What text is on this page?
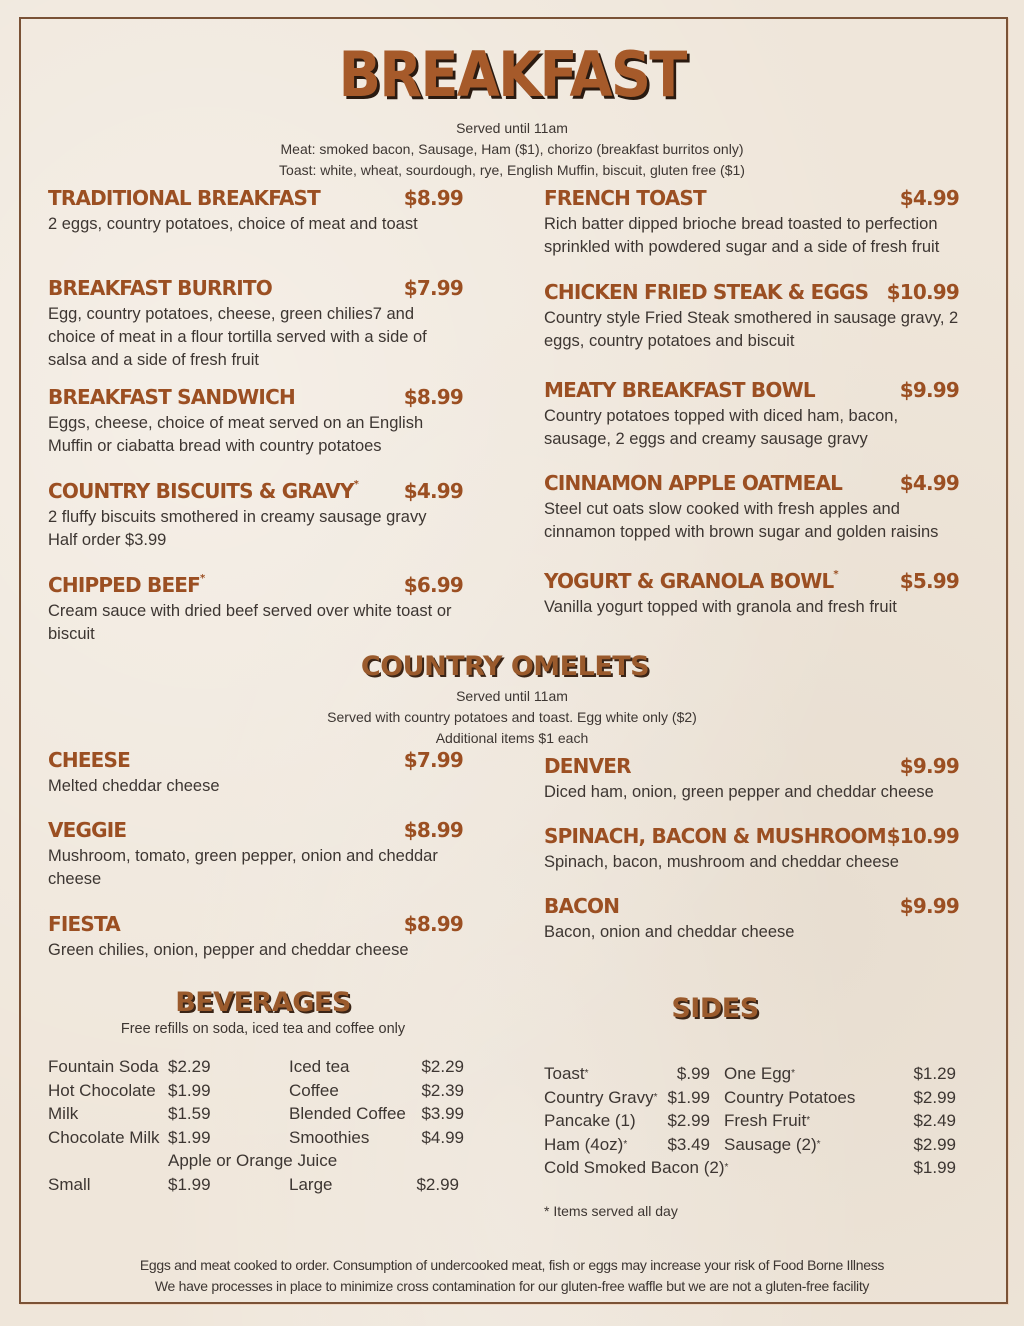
BREAKFAST
Served until 11am
Meat: smoked bacon, Sausage, Ham ($1), chorizo (breakfast burritos only)
Toast: white, wheat, sourdough, rye, English Muffin, biscuit, gluten free ($1)
TRADITIONAL BREAKFAST	$8.99
2 eggs, country potatoes, choice of meat and toast
BREAKFAST BURRITO	$7.99
Egg, country potatoes, cheese, green chilies7 and choice of meat in a flour tortilla served with a side of salsa and a side of fresh fruit
BREAKFAST SANDWICH	$8.99
Eggs, cheese, choice of meat served on an English Muffin or ciabatta bread with country potatoes
COUNTRY BISCUITS & GRAVY* $4.99
2 fluffy biscuits smothered in creamy sausage gravy
Half order $3.99
CHIPPED BEEF*	$6.99
Cream sauce with dried beef served over white toast or biscuit
FRENCH TOAST	$4.99
Rich batter dipped brioche bread toasted to perfection sprinkled with powdered sugar and a side of fresh fruit
CHICKEN FRIED STEAK & EGGS $10.99
Country style Fried Steak smothered in sausage gravy, 2 eggs, country potatoes and biscuit
MEATY BREAKFAST BOWL	$9.99
Country potatoes topped with diced ham, bacon, sausage, 2 eggs and creamy sausage gravy
CINNAMON APPLE OATMEAL	$4.99
Steel cut oats slow cooked with fresh apples and cinnamon topped with brown sugar and golden raisins
YOGURT & GRANOLA BOWL*	$5.99
Vanilla yogurt topped with granola and fresh fruit
COUNTRY OMELETS
Served until 11am
Served with country potatoes and toast. Egg white only ($2)
Additional items $1 each
CHEESE	$7.99
Melted cheddar cheese
VEGGIE	$8.99
Mushroom, tomato, green pepper, onion and cheddar cheese
FIESTA	$8.99
Green chilies, onion, pepper and cheddar cheese
DENVER	$9.99
Diced ham, onion, green pepper and cheddar cheese
SPINACH, BACON & MUSHROOM $10.99
Spinach, bacon, mushroom and cheddar cheese
BACON	$9.99
Bacon, onion and cheddar cheese
BEVERAGES
Free refills on soda, iced tea and coffee only
Fountain Soda $2.29	Iced tea	$2.29
Hot Chocolate $1.99	Coffee	$2.39
Milk	$1.59	Blended Coffee $3.99
Chocolate Milk $1.99	Smoothies	$4.99
Apple or Orange Juice
Small	$1.99	Large	$2.99
SIDES
Toast*	$.99 One Egg*	$1.29
Country Gravy* $1.99 Country Potatoes	$2.99
Pancake (1)	$2.99 Fresh Fruit*	$2.49
Ham (4oz)*	$3.49 Sausage (2)*	$2.99
Cold Smoked Bacon (2)*	$1.99
* Items served all day
Eggs and meat cooked to order. Consumption of undercooked meat, fish or eggs may increase your risk of Food Borne Illness
We have processes in place to minimize cross contamination for our gluten-free waffle but we are not a gluten-free facility
